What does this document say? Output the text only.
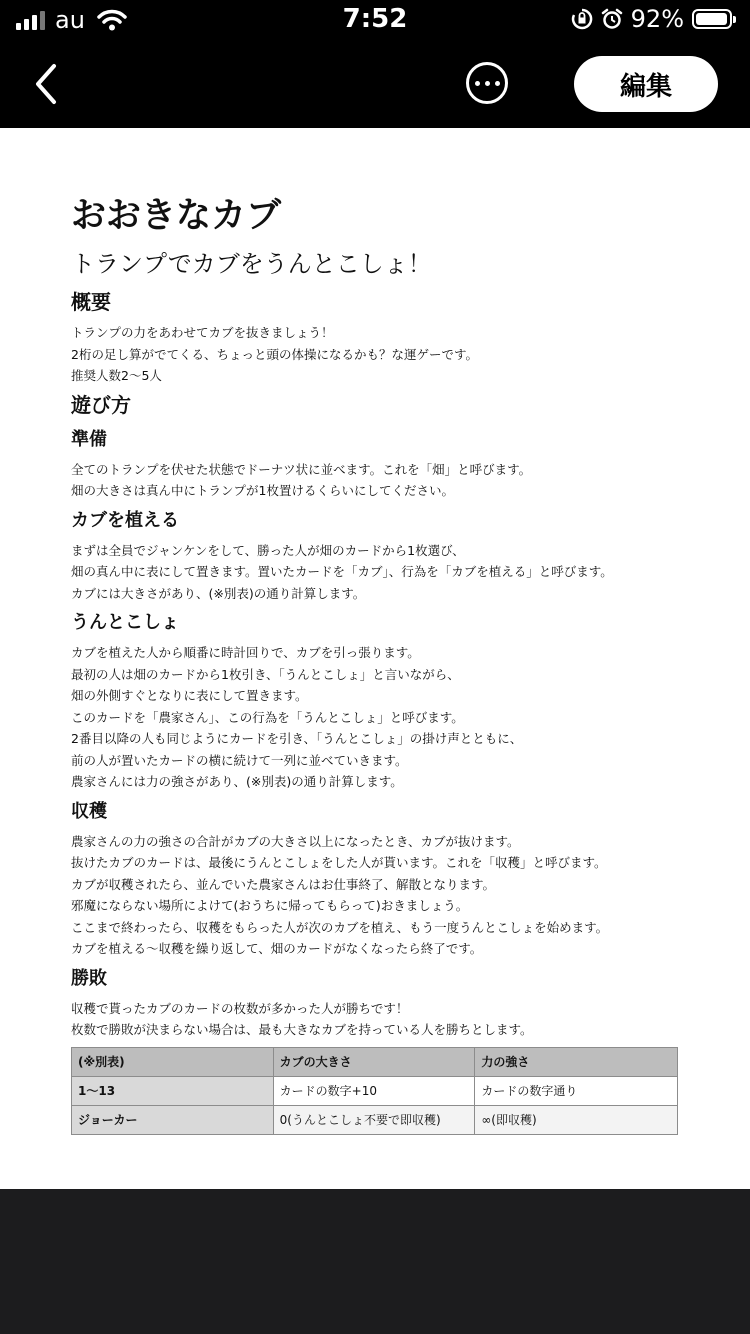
au	7:52	92%
編集
おおきなカブ
トランプでカブをうんとこしょ！
概要

トランプの力をあわせてカブを抜きましょう！

2桁の足し算がでてくる、ちょっと頭の体操になるかも？な運ゲーです。

推奨人数2〜5人

遊び方
準備

全てのトランプを伏せた状態でドーナツ状に並べます。これを「畑」と呼びます。

畑の大きさは真ん中にトランプが1枚置けるくらいにしてください。

カブを植える

まずは全員でジャンケンをして、勝った人が畑のカードから1枚選び、

畑の真ん中に表にして置きます。置いたカードを「カブ」、行為を「カブを植える」と呼びます。

カブには大きさがあり、(※別表)の通り計算します。

うんとこしょ

カブを植えた人から順番に時計回りで、カブを引っ張ります。

最初の人は畑のカードから1枚引き、「うんとこしょ」と言いながら、

畑の外側すぐとなりに表にして置きます。

このカードを「農家さん」、この行為を「うんとこしょ」と呼びます。

2番目以降の人も同じようにカードを引き、「うんとこしょ」の掛け声とともに、

前の人が置いたカードの横に続けて一列に並べていきます。

農家さんには力の強さがあり、(※別表)の通り計算します。

収穫

農家さんの力の強さの合計がカブの大きさ以上になったとき、カブが抜けます。

抜けたカブのカードは、最後にうんとこしょをした人が貰います。これを「収穫」と呼びます。

カブが収穫されたら、並んでいた農家さんはお仕事終了、解散となります。

邪魔にならない場所によけて(おうちに帰ってもらって)おきましょう。

ここまで終わったら、収穫をもらった人が次のカブを植え、もう一度うんとこしょを始めます。

カブを植える〜収穫を繰り返して、畑のカードがなくなったら終了です。

勝敗

収穫で貰ったカブのカードの枚数が多かった人が勝ちです！

枚数で勝敗が決まらない場合は、最も大きなカブを持っている人を勝ちとします。

(※別表)	カブの大きさ	力の強さ
1〜13	カードの数字+10	カードの数字通り
ジョーカー	0(うんとこしょ不要で即収穫)	∞(即収穫)
